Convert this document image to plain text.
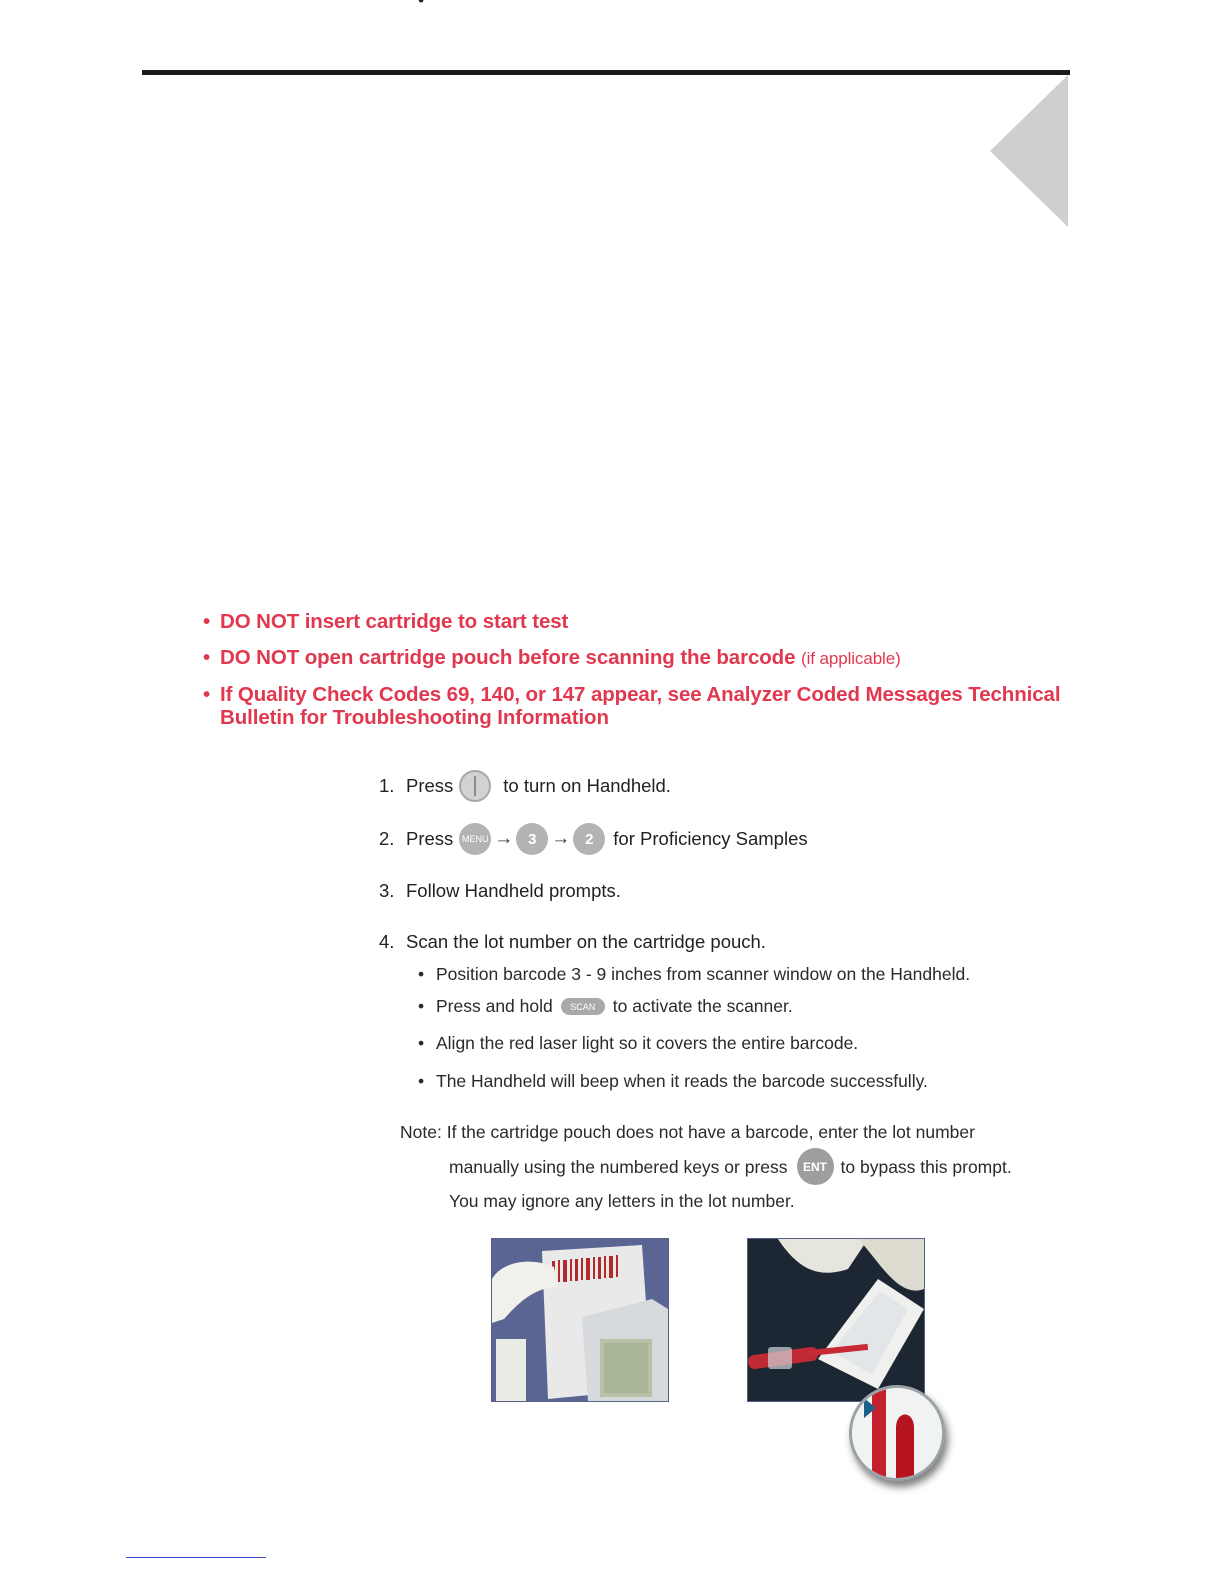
• DO NOT insert cartridge to start test
• DO NOT open cartridge pouch before scanning the barcode (if applicable)
• If Quality Check Codes 69, 140, or 147 appear, see Analyzer Coded Messages Technical Bulletin for Troubleshooting Information
1. Press	to turn on Handheld.
2. Press MENU → 3 → 2	for Proficiency Samples
3. Follow Handheld prompts.
4. Scan the lot number on the cartridge pouch.
• Position barcode 3 - 9 inches from scanner window on the Handheld.
• Press and hold	SCAN	to activate the scanner.
• Align the red laser light so it covers the entire barcode.
• The Handheld will beep when it reads the barcode successfully.
Note:
If the cartridge pouch does not have a barcode, enter the lot number
manually using the numbered keys or press	ENT to bypass this prompt.
You may ignore any letters in the lot number.
